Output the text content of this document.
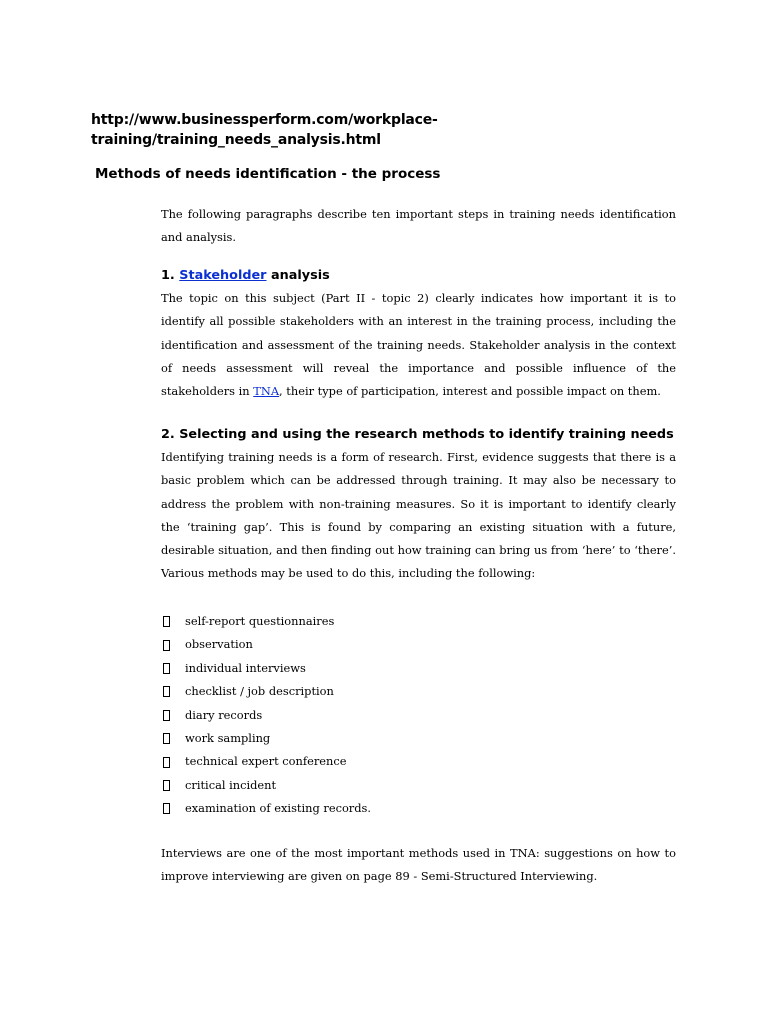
http://www.businessperform.com/workplace-training/training_needs_analysis.html
Methods of needs identification - the process
The following paragraphs describe ten important steps in training needs identification and analysis.
1. Stakeholder analysis
The topic on this subject (Part II - topic 2) clearly indicates how important it is to identify all possible stakeholders with an interest in the training process, including the identification and assessment of the training needs. Stakeholder analysis in the context of needs assessment will reveal the importance and possible influence of the stakeholders in TNA, their type of participation, interest and possible impact on them.
2. Selecting and using the research methods to identify training needs
Identifying training needs is a form of research. First, evidence suggests that there is a basic problem which can be addressed through training. It may also be necessary to address the problem with non-training measures. So it is important to identify clearly the ‘training gap’. This is found by comparing an existing situation with a future, desirable situation, and then finding out how training can bring us from ‘here’ to ‘there’. Various methods may be used to do this, including the following:
self-report questionnaires
observation
individual interviews
checklist / job description
diary records
work sampling
technical expert conference
critical incident
examination of existing records.
Interviews are one of the most important methods used in TNA: suggestions on how to improve interviewing are given on page 89 - Semi-Structured Interviewing.
